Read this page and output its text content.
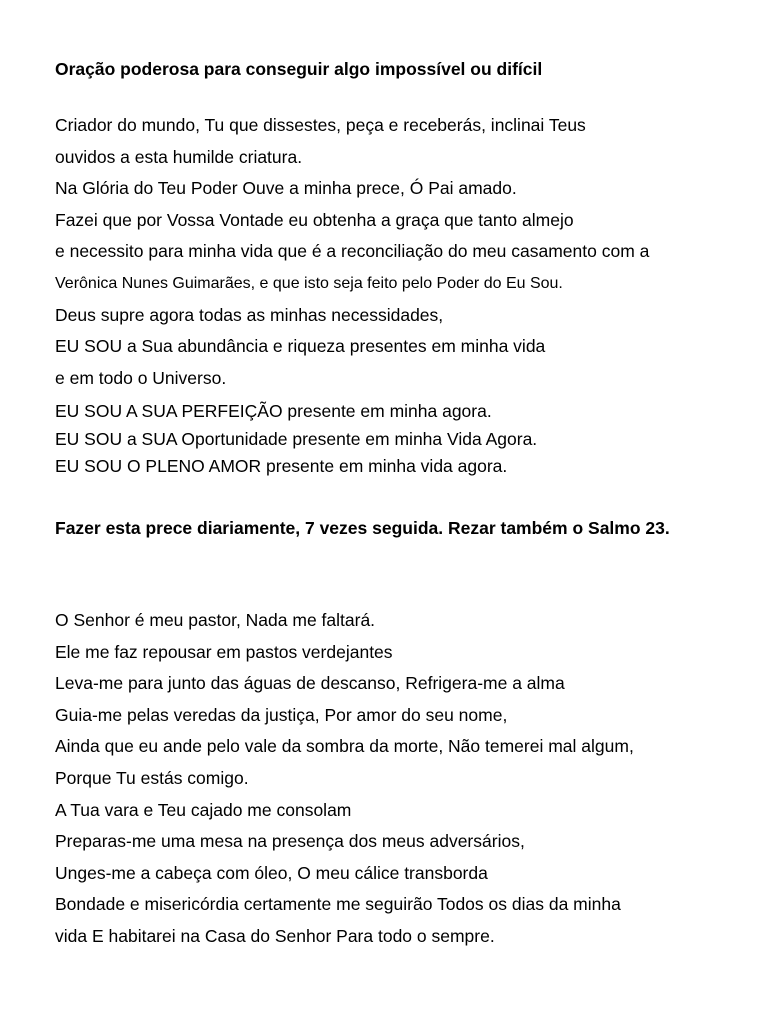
Oração poderosa para conseguir algo impossível ou difícil
Criador do mundo, Tu que dissestes, peça e receberás, inclinai Teus
ouvidos a esta humilde criatura.
Na Glória do Teu Poder Ouve a minha prece, Ó Pai amado.
Fazei que por Vossa Vontade eu obtenha a graça que tanto almejo
e necessito para minha vida que é a reconciliação do meu casamento com a
Verônica Nunes Guimarães, e que isto seja feito pelo Poder do Eu Sou.
Deus supre agora todas as minhas necessidades,
EU SOU a Sua abundância e riqueza presentes em minha vida
e em todo o Universo.
EU SOU A SUA PERFEIÇÃO presente em minha agora.
EU SOU a SUA Oportunidade presente em minha Vida Agora.
EU SOU O PLENO AMOR presente em minha vida agora.
Fazer esta prece diariamente, 7 vezes seguida. Rezar também o Salmo 23.
O Senhor é meu pastor, Nada me faltará.
Ele me faz repousar em pastos verdejantes
Leva-me para junto das águas de descanso, Refrigera-me a alma
Guia-me pelas veredas da justiça, Por amor do seu nome,
Ainda que eu ande pelo vale da sombra da morte, Não temerei mal algum,
Porque Tu estás comigo.
A Tua vara e Teu cajado me consolam
Preparas-me uma mesa na presença dos meus adversários,
Unges-me a cabeça com óleo, O meu cálice transborda
Bondade e misericórdia certamente me seguirão Todos os dias da minha
vida E habitarei na Casa do Senhor Para todo o sempre.
